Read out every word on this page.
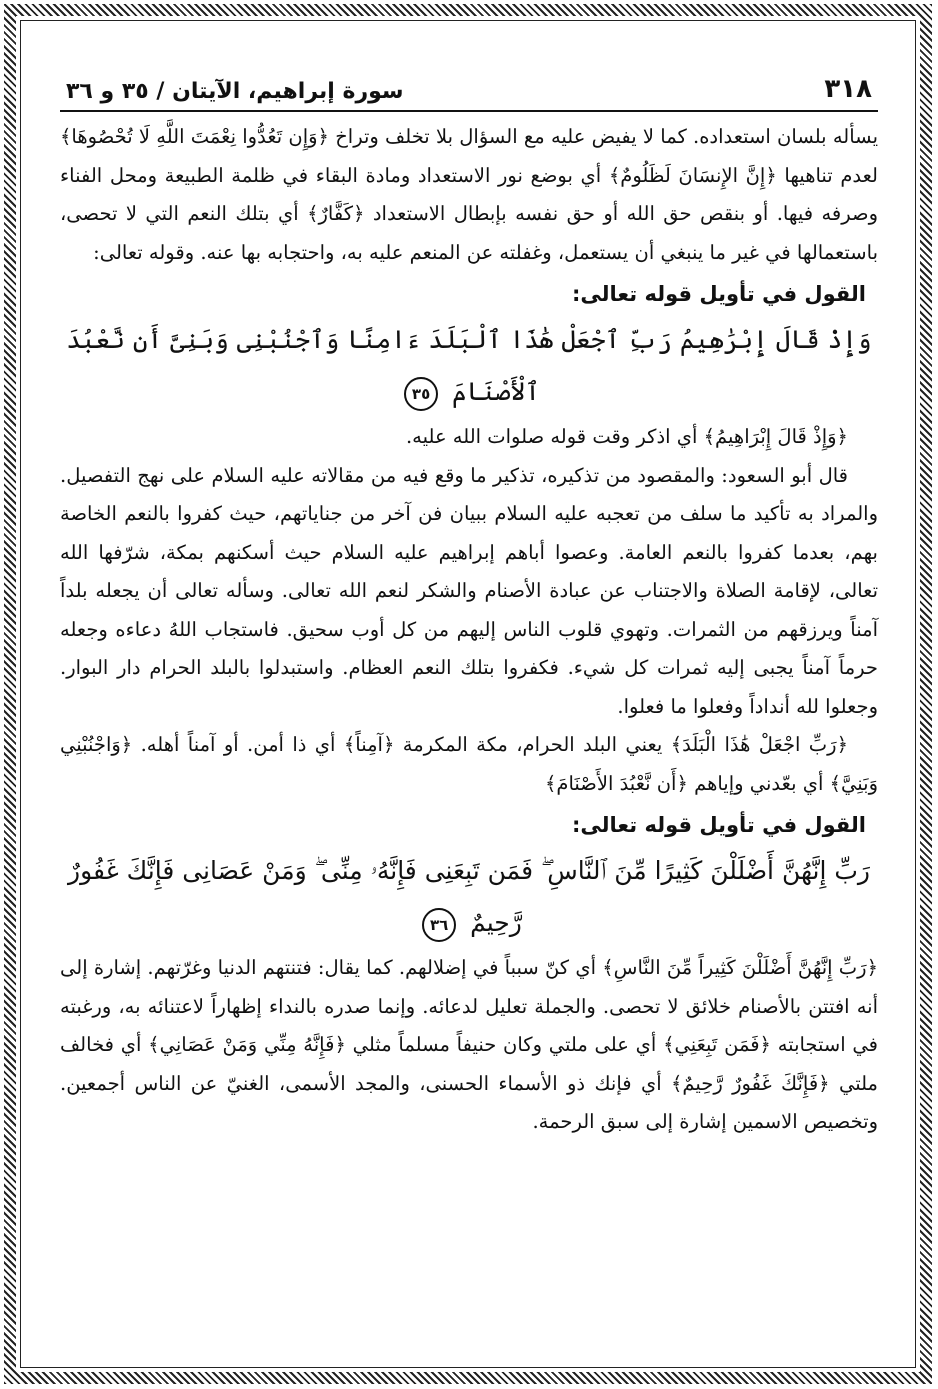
٣١٨
سورة إبراهيم، الآيتان / ٣٥ و ٣٦

يسأله بلسان استعداده. كما لا يفيض عليه مع السؤال بلا تخلف وتراخ ﴿وَإِن تَعُدُّوا نِعْمَتَ اللَّهِ لَا تُحْصُوهَا﴾ لعدم تناهيها ﴿إِنَّ الإِنسَانَ لَظَلُومٌ﴾ أي بوضع نور الاستعداد ومادة البقاء في ظلمة الطبيعة ومحل الفناء وصرفه فيها. أو بنقص حق الله أو حق نفسه بإبطال الاستعداد ﴿كَفَّارٌ﴾ أي بتلك النعم التي لا تحصى، باستعمالها في غير ما ينبغي أن يستعمل، وغفلته عن المنعم عليه به، واحتجابه بها عنه. وقوله تعالى:

القول في تأويل قوله تعالى:

وَإِذْ قَالَ إِبْرَٰهِيمُ رَبِّ ٱجْعَلْ هَٰذَا ٱلْبَلَدَ ءَامِنًا وَٱجْنُبْنِى وَبَنِىَّ أَن نَّعْبُدَ ٱلْأَصْنَامَ ٣٥

﴿وَإِذْ قَالَ إِبْرَاهِيمُ﴾ أي اذكر وقت قوله صلوات الله عليه.

قال أبو السعود: والمقصود من تذكيره، تذكير ما وقع فيه من مقالاته عليه السلام على نهج التفصيل. والمراد به تأكيد ما سلف من تعجبه عليه السلام ببيان فن آخر من جناياتهم، حيث كفروا بالنعم الخاصة بهم، بعدما كفروا بالنعم العامة. وعصوا أباهم إبراهيم عليه السلام حيث أسكنهم بمكة، شرّفها الله تعالى، لإقامة الصلاة والاجتناب عن عبادة الأصنام والشكر لنعم الله تعالى. وسأله تعالى أن يجعله بلداً آمناً ويرزقهم من الثمرات. وتهوي قلوب الناس إليهم من كل أوب سحيق. فاستجاب اللهُ دعاءه وجعله حرماً آمناً يجبى إليه ثمرات كل شيء. فكفروا بتلك النعم العظام. واستبدلوا بالبلد الحرام دار البوار. وجعلوا لله أنداداً وفعلوا ما فعلوا.

﴿رَبِّ اجْعَلْ هَٰذَا الْبَلَدَ﴾ يعني البلد الحرام، مكة المكرمة ﴿آمِناً﴾ أي ذا أمن. أو آمناً أهله. ﴿وَاجْنُبْنِي وَبَنِيَّ﴾ أي بعّدني وإياهم ﴿أَن نَّعْبُدَ الأَصْنَامَ﴾

القول في تأويل قوله تعالى:

رَبِّ إِنَّهُنَّ أَضْلَلْنَ كَثِيرًا مِّنَ ٱلنَّاسِ ۖ فَمَن تَبِعَنِى فَإِنَّهُۥ مِنِّى ۖ وَمَنْ عَصَانِى فَإِنَّكَ غَفُورٌ رَّحِيمٌ ٣٦

﴿رَبِّ إِنَّهُنَّ أَضْلَلْنَ كَثِيراً مِّنَ النَّاسِ﴾ أي كنّ سبباً في إضلالهم. كما يقال: فتنتهم الدنيا وغرّتهم. إشارة إلى أنه افتتن بالأصنام خلائق لا تحصى. والجملة تعليل لدعائه. وإنما صدره بالنداء إظهاراً لاعتنائه به، ورغبته في استجابته ﴿فَمَن تَبِعَنِي﴾ أي على ملتي وكان حنيفاً مسلماً مثلي ﴿فَإِنَّهُ مِنِّي وَمَنْ عَصَانِي﴾ أي فخالف ملتي ﴿فَإِنَّكَ غَفُورٌ رَّحِيمٌ﴾ أي فإنك ذو الأسماء الحسنى، والمجد الأسمى، الغنيّ عن الناس أجمعين. وتخصيص الاسمين إشارة إلى سبق الرحمة.
